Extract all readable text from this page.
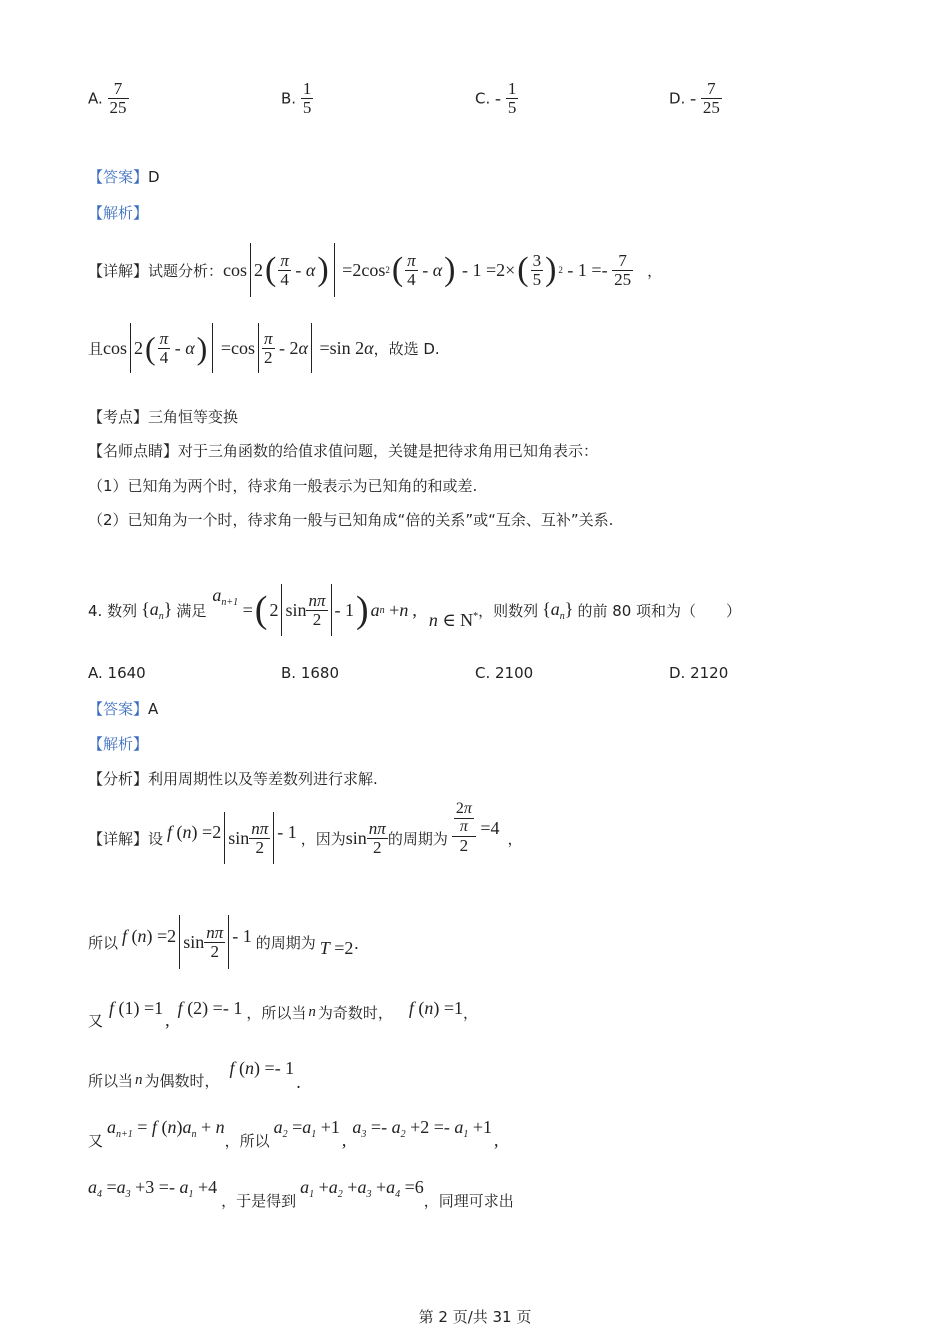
A. $\frac{7}{25}$	B. $\frac{1}{5}$	C. - $\frac{1}{5}$	D. - $\frac{7}{25}$
【答案】D
【解析】
【详解】 试题分析： cos 2 ( $\frac{\pi}{4}$ - α ) =2cos 2 ( $\frac{\pi}{4}$ - α ) - 1 =2× ( $\frac{3}{5}$ ) $2 - 1 =- \frac{7}{25}$ ，
且 cos 2 ( $\frac{\pi}{4}$ - α ) $=\cos \frac{\pi}{2} - 2$ α =sin 2 α ，故选 D.
【考点】三角恒等变换
【名师点睛】对于三角函数的给值求值问题，关键是把待求角用已知角表示：
（1）已知角为两个时，待求角一般表示为已知角的和或差.
（2）已知角为一个时，待求角一般与已知角成“倍的关系”或“互余、互补”关系.
4. 数列 $\{a_n\}$ 满足
$a_{n+1}$ = ( 2 $\sin \frac{n\pi}{2} - 1$ ) a n + n , n ∈ N* ，则数列 $\{a_n\}$ 的前 80 项和为（　　）
A. 1640	B. 1680	C. 2100	D. 2120
【答案】A
【解析】
【分析】利用周期性以及等差数列进行求解.
【详解】 设 f (n) =2 $\sin \frac{n\pi}{2} - 1$ ，因为 $\sin \frac{n\pi}{2}$ 的周期为 $\frac{\frac{2\pi}{\pi}}{2} =4$
，
所以 f (n) =2 $\sin \frac{n\pi}{2} - 1$ 的周期为 T =2·
又
f (1) =1
,
f (2) =- 1 ，所以当 n 为奇数时， f (n) =1 ，
所以当 n 为偶数时，
f (n) =- 1
.
又
$a_{n+1} = f$ $(n)a_n + n$
，所以
$a_2 =a_1 +1$
,
$a_3 =- a_2 +2 =- a_1 +1$
,
$a_4 =a_3 +3 =- a_1 +4$
，于是得到
$a_1 +a_2 +a_3 +a_4 =6$
，同理可求出
第 2 页/共 31 页
